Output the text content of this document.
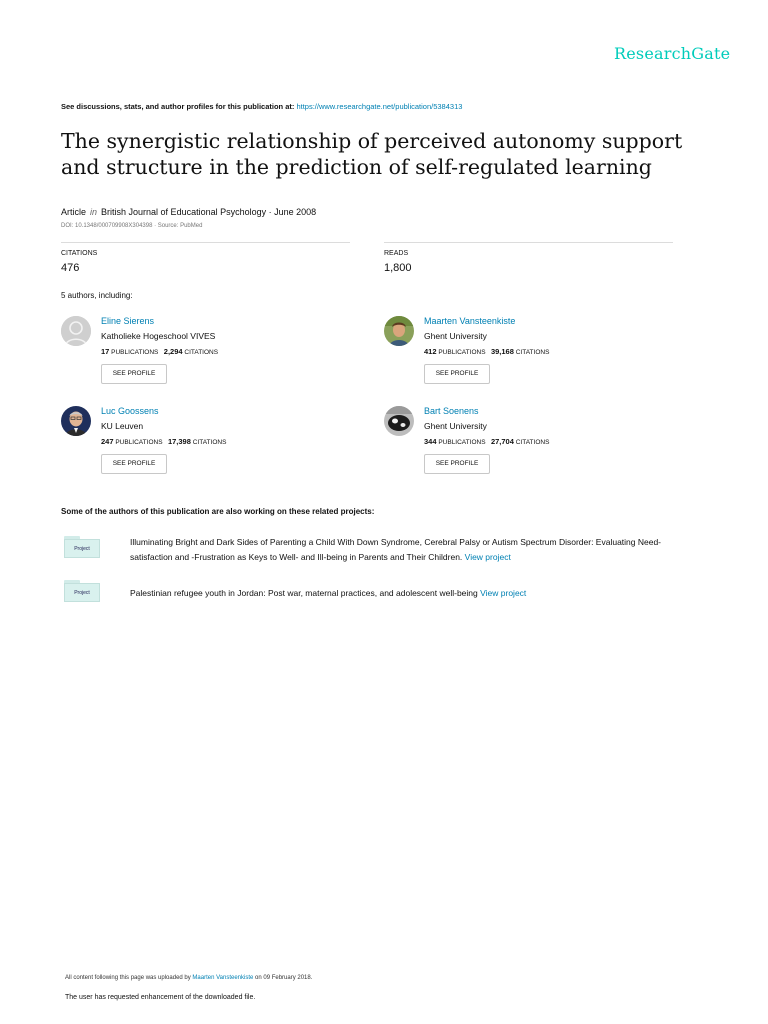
ResearchGate
See discussions, stats, and author profiles for this publication at: https://www.researchgate.net/publication/5384313
The synergistic relationship of perceived autonomy support and structure in the prediction of self-regulated learning
Article in British Journal of Educational Psychology · June 2008
DOI: 10.1348/000709908X304398 · Source: PubMed
CITATIONS
476
READS
1,800
5 authors, including:
Eline Sierens
Katholieke Hogeschool VIVES
17 PUBLICATIONS 2,294 CITATIONS
SEE PROFILE
Maarten Vansteenkiste
Ghent University
412 PUBLICATIONS 39,168 CITATIONS
SEE PROFILE
Luc Goossens
KU Leuven
247 PUBLICATIONS 17,398 CITATIONS
SEE PROFILE
Bart Soenens
Ghent University
344 PUBLICATIONS 27,704 CITATIONS
SEE PROFILE
Some of the authors of this publication are also working on these related projects:
Project
Illuminating Bright and Dark Sides of Parenting a Child With Down Syndrome, Cerebral Palsy or Autism Spectrum Disorder: Evaluating Need-satisfaction and -Frustration as Keys to Well- and Ill-being in Parents and Their Children. View project
Project	Palestinian refugee youth in Jordan: Post war, maternal practices, and adolescent well-being View project
All content following this page was uploaded by Maarten Vansteenkiste on 09 February 2018.
The user has requested enhancement of the downloaded file.
